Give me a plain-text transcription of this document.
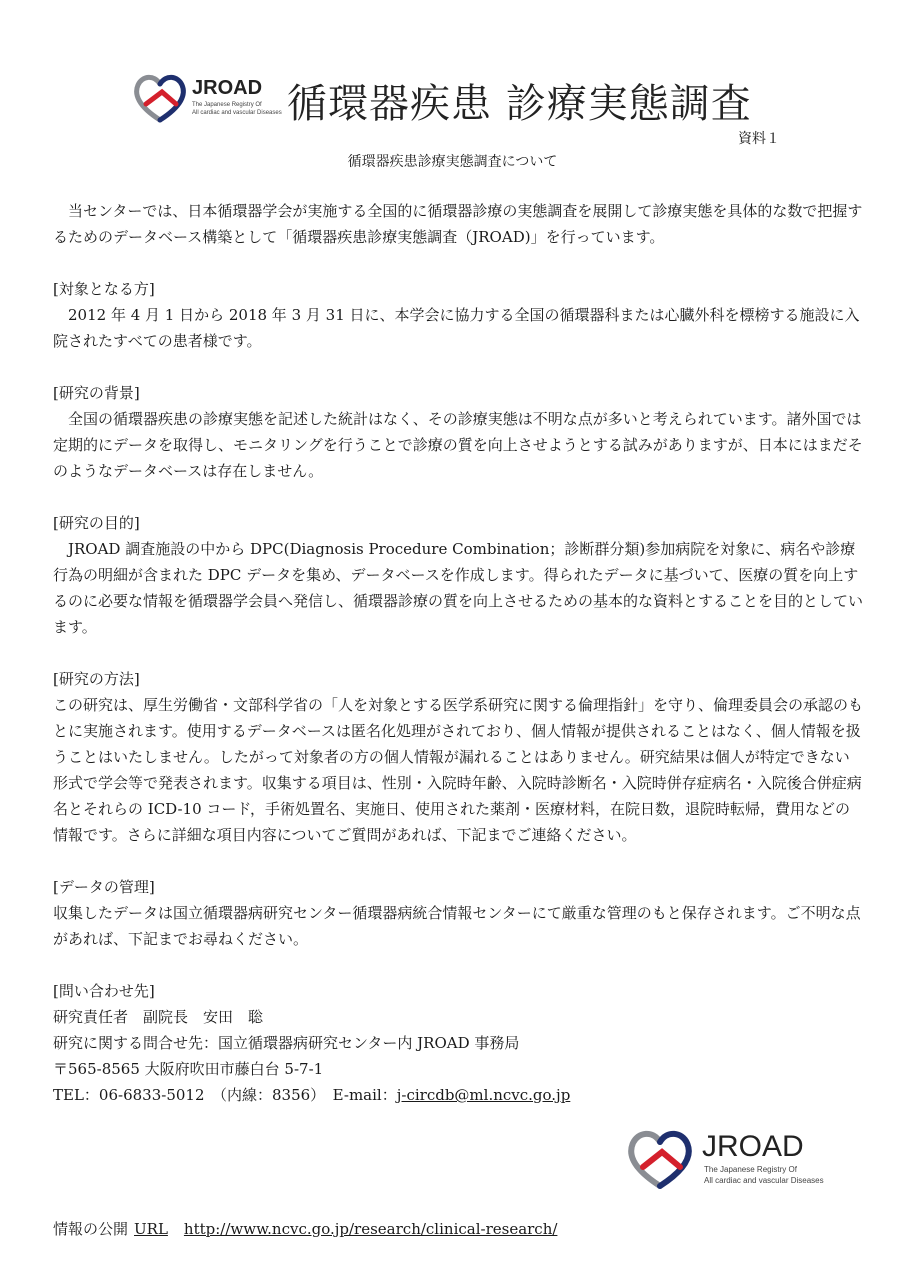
JROAD
The Japanese Registry Of
All cardiac and vascular Diseases 循環器疾患 診療実態調査
資料１
循環器疾患診療実態調査について

当センターでは、日本循環器学会が実施する全国的に循環器診療の実態調査を展開して診療実態を具体的な数で把握するためのデータベース構築として「循環器疾患診療実態調査（JROAD)」を行っています。

[対象となる方]

2012 年 4 月 1 日から 2018 年 3 月 31 日に、本学会に協力する全国の循環器科または心臓外科を標榜する施設に入院されたすべての患者様です。

[研究の背景]

全国の循環器疾患の診療実態を記述した統計はなく、その診療実態は不明な点が多いと考えられています。諸外国では定期的にデータを取得し、モニタリングを行うことで診療の質を向上させようとする試みがありますが、日本にはまだそのようなデータベースは存在しません。

[研究の目的]

JROAD 調査施設の中から DPC(Diagnosis Procedure Combination；診断群分類)参加病院を対象に、病名や診療行為の明細が含まれた DPC データを集め、データベースを作成します。得られたデータに基づいて、医療の質を向上するのに必要な情報を循環器学会員へ発信し、循環器診療の質を向上させるための基本的な資料とすることを目的としています。

[研究の方法]

この研究は、厚生労働省・文部科学省の「人を対象とする医学系研究に関する倫理指針」を守り、倫理委員会の承認のもとに実施されます。使用するデータベースは匿名化処理がされており、個人情報が提供されることはなく、個人情報を扱うことはいたしません。したがって対象者の方の個人情報が漏れることはありません。研究結果は個人が特定できない形式で学会等で発表されます。収集する項目は、性別・入院時年齢、入院時診断名・入院時併存症病名・入院後合併症病名とそれらの ICD-10 コード，手術処置名、実施日、使用された薬剤・医療材料，在院日数，退院時転帰，費用などの情報です。さらに詳細な項目内容についてご質問があれば、下記までご連絡ください。

[データの管理]

収集したデータは国立循環器病研究センター循環器病統合情報センターにて厳重な管理のもと保存されます。ご不明な点があれば、下記までお尋ねください。

[問い合わせ先]

研究責任者　副院長　安田　聡

研究に関する問合せ先：国立循環器病研究センター内 JROAD 事務局

〒565-8565 大阪府吹田市藤白台 5-7-1

TEL：06-6833-5012　（内線：8356）　E-mail：j-circdb@ml.ncvc.go.jp

JROAD
The Japanese Registry Of
All cardiac and vascular Diseases
情報の公開 URL http://www.ncvc.go.jp/research/clinical-research/
